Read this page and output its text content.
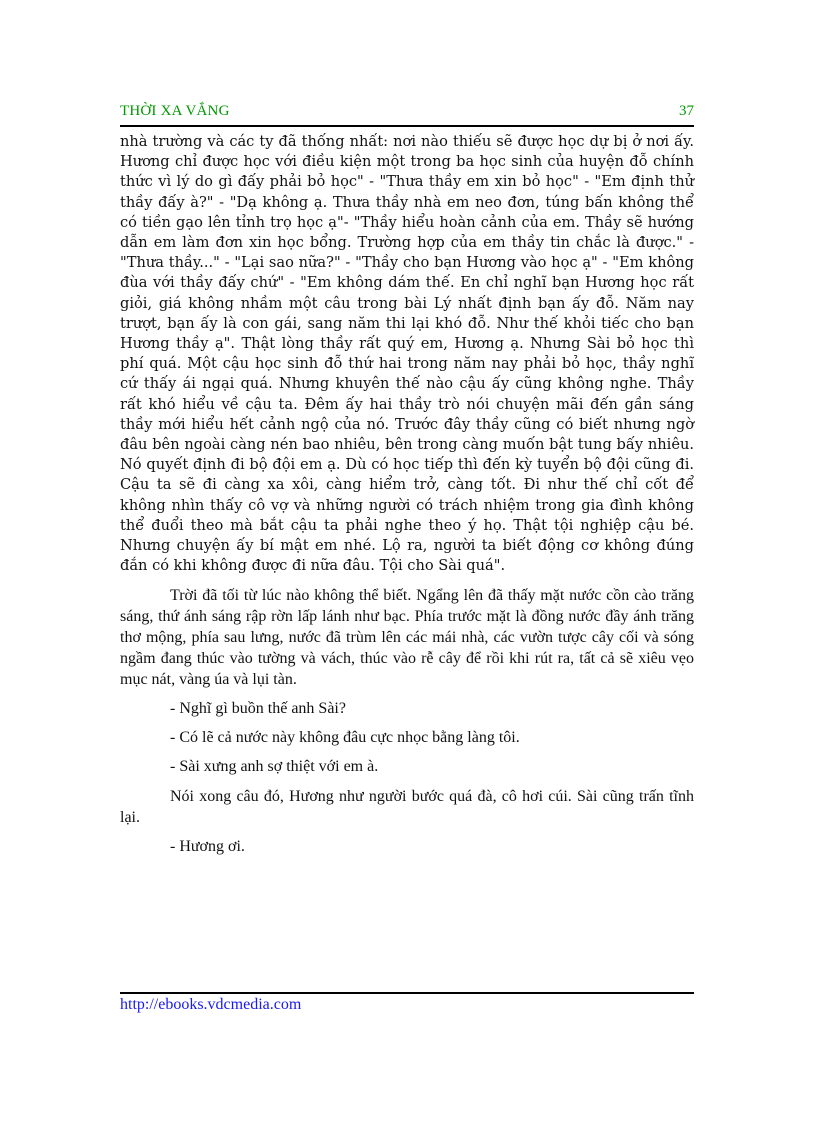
THỜI XA VẮNG	37

nhà trường và các ty đã thống nhất: nơi nào thiếu sẽ được học dự bị ở nơi ấy. Hương chỉ được học với điều kiện một trong ba học sinh của huyện đỗ chính thức vì lý do gì đấy phải bỏ học" - "Thưa thầy em xin bỏ học" - "Em định thử thầy đấy à?" - "Dạ không ạ. Thưa thầy nhà em neo đơn, túng bấn không thể có tiền gạo lên tỉnh trọ học ạ"- "Thầy hiểu hoàn cảnh của em. Thầy sẽ hướng dẫn em làm đơn xin học bổng. Trường hợp của em thầy tin chắc là được." - "Thưa thầy..." - "Lại sao nữa?" - "Thầy cho bạn Hương vào học ạ" - "Em không đùa với thầy đấy chứ" - "Em không dám thế. En chỉ nghĩ bạn Hương học rất giỏi, giá không nhầm một câu trong bài Lý nhất định bạn ấy đỗ. Năm nay trượt, bạn ấy là con gái, sang năm thi lại khó đỗ. Như thế khỏi tiếc cho bạn Hương thầy ạ". Thật lòng thầy rất quý em, Hương ạ. Nhưng Sài bỏ học thì phí quá. Một cậu học sinh đỗ thứ hai trong năm nay phải bỏ học, thầy nghĩ cứ thấy ái ngại quá. Nhưng khuyên thế nào cậu ấy cũng không nghe. Thầy rất khó hiểu về cậu ta. Đêm ấy hai thầy trò nói chuyện mãi đến gần sáng thầy mới hiểu hết cảnh ngộ của nó. Trước đây thầy cũng có biết nhưng ngờ đâu bên ngoài càng nén bao nhiêu, bên trong càng muốn bật tung bấy nhiêu. Nó quyết định đi bộ đội em ạ. Dù có học tiếp thì đến kỳ tuyển bộ đội cũng đi. Cậu ta sẽ đi càng xa xôi, càng hiểm trở, càng tốt. Đi như thế chỉ cốt để không nhìn thấy cô vợ và những người có trách nhiệm trong gia đình không thể đuổi theo mà bắt cậu ta phải nghe theo ý họ. Thật tội nghiệp cậu bé. Nhưng chuyện ấy bí mật em nhé. Lộ ra, người ta biết động cơ không đúng đắn có khi không được đi nữa đâu. Tội cho Sài quá".

Trời đã tối từ lúc nào không thể biết. Ngẩng lên đã thấy mặt nước cồn cào trăng sáng, thứ ánh sáng rập rờn lấp lánh như bạc. Phía trước mặt là đồng nước đầy ánh trăng thơ mộng, phía sau lưng, nước đã trùm lên các mái nhà, các vườn tược cây cối và sóng ngầm đang thúc vào tường và vách, thúc vào rễ cây để rồi khi rút ra, tất cả sẽ xiêu vẹo mục nát, vàng úa và lụi tàn.

- Nghĩ gì buồn thế anh Sài?

- Có lẽ cả nước này không đâu cực nhọc bằng làng tôi.

- Sài xưng anh sợ thiệt với em à.

Nói xong câu đó, Hương như người bước quá đà, cô hơi cúi. Sài cũng trấn tĩnh lại.

- Hương ơi.

http://ebooks.vdcmedia.com
